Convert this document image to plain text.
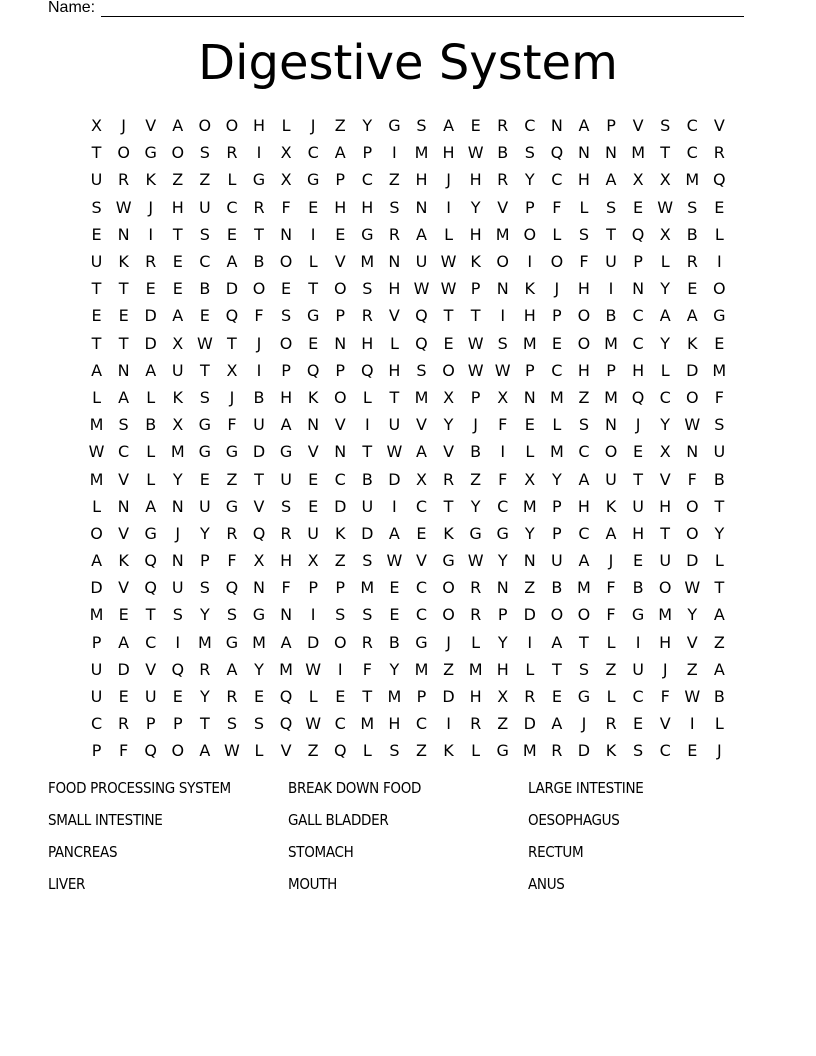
Name:
Digestive System
X	J	V	A O O H	L	J	Z	Y G S	A	E	R C N A	P	V	S	C	V
T O G O S	R	I	X	C	A	P	I	M H W B	S Q N N M T	C R
U R	K	Z	Z	L	G X G	P	C	Z H	J	H R	Y	C H A	X	X M Q
S W	J	H U C R	F	E	H H S	N	I	Y	V	P	F	L	S	E W S	E
E	N	I	T	S	E	T	N	I	E G R	A	L	H M O	L	S	T Q X	B	L
U K	R	E	C	A	B O	L	V M N U W K O	I	O	F	U	P	L	R	I
T	T	E	E	B D O E	T O S H W W P	N K	J	H	I	N	Y	E O
E	E D A	E Q	F	S G	P	R	V Q T	T	I	H	P O B	C	A	A G
T	T	D X W T	J	O E	N H	L	Q E W S M E O M C	Y	K	E
A N A U	T	X	I	P Q P Q H S O W W P	C H	P	H	L	D M
L	A	L	K	S	J	B H K O	L	T M X	P	X N M Z M Q C O	F
M S	B	X G	F	U A N V	I	U V	Y	J	F	E	L	S	N	J	Y W S
W C	L M G G D G V N	T W A	V	B	I	L M C O E	X N U
M V	L	Y	E	Z	T	U	E	C	B D X	R	Z	F	X	Y	A U	T	V	F	B
L	N A N U G V	S	E D U	I	C	T	Y	C M P	H K U H O T
O V G	J	Y	R Q R U K D A	E	K G G Y	P	C	A H	T O Y
A	K Q N	P	F	X H X	Z	S W V G W Y	N U A	J	E	U D	L
D V Q U	S Q N	F	P	P M E	C O R N Z	B M F	B O W T
M E	T	S	Y	S G N	I	S	S	E	C O R	P	D O O	F	G M Y	A
P	A	C	I	M G M A D O R	B G	J	L	Y	I	A	T	L	I	H V	Z
U D V Q R	A	Y M W	I	F	Y M Z M H	L	T	S	Z U	J	Z	A
U	E	U	E	Y	R	E Q	L	E	T M P	D H X	R	E G	L	C	F W B
C R	P	P	T	S	S Q W C M H C	I	R	Z D A	J	R	E	V	I	L
P	F	Q O A W L	V	Z Q	L	S	Z	K	L	G M R D K	S	C	E	J
FOOD PROCESSING SYSTEM	BREAK DOWN FOOD	LARGE INTESTINE
SMALL INTESTINE	GALL BLADDER	OESOPHAGUS
PANCREAS	STOMACH	RECTUM
LIVER	MOUTH	ANUS
